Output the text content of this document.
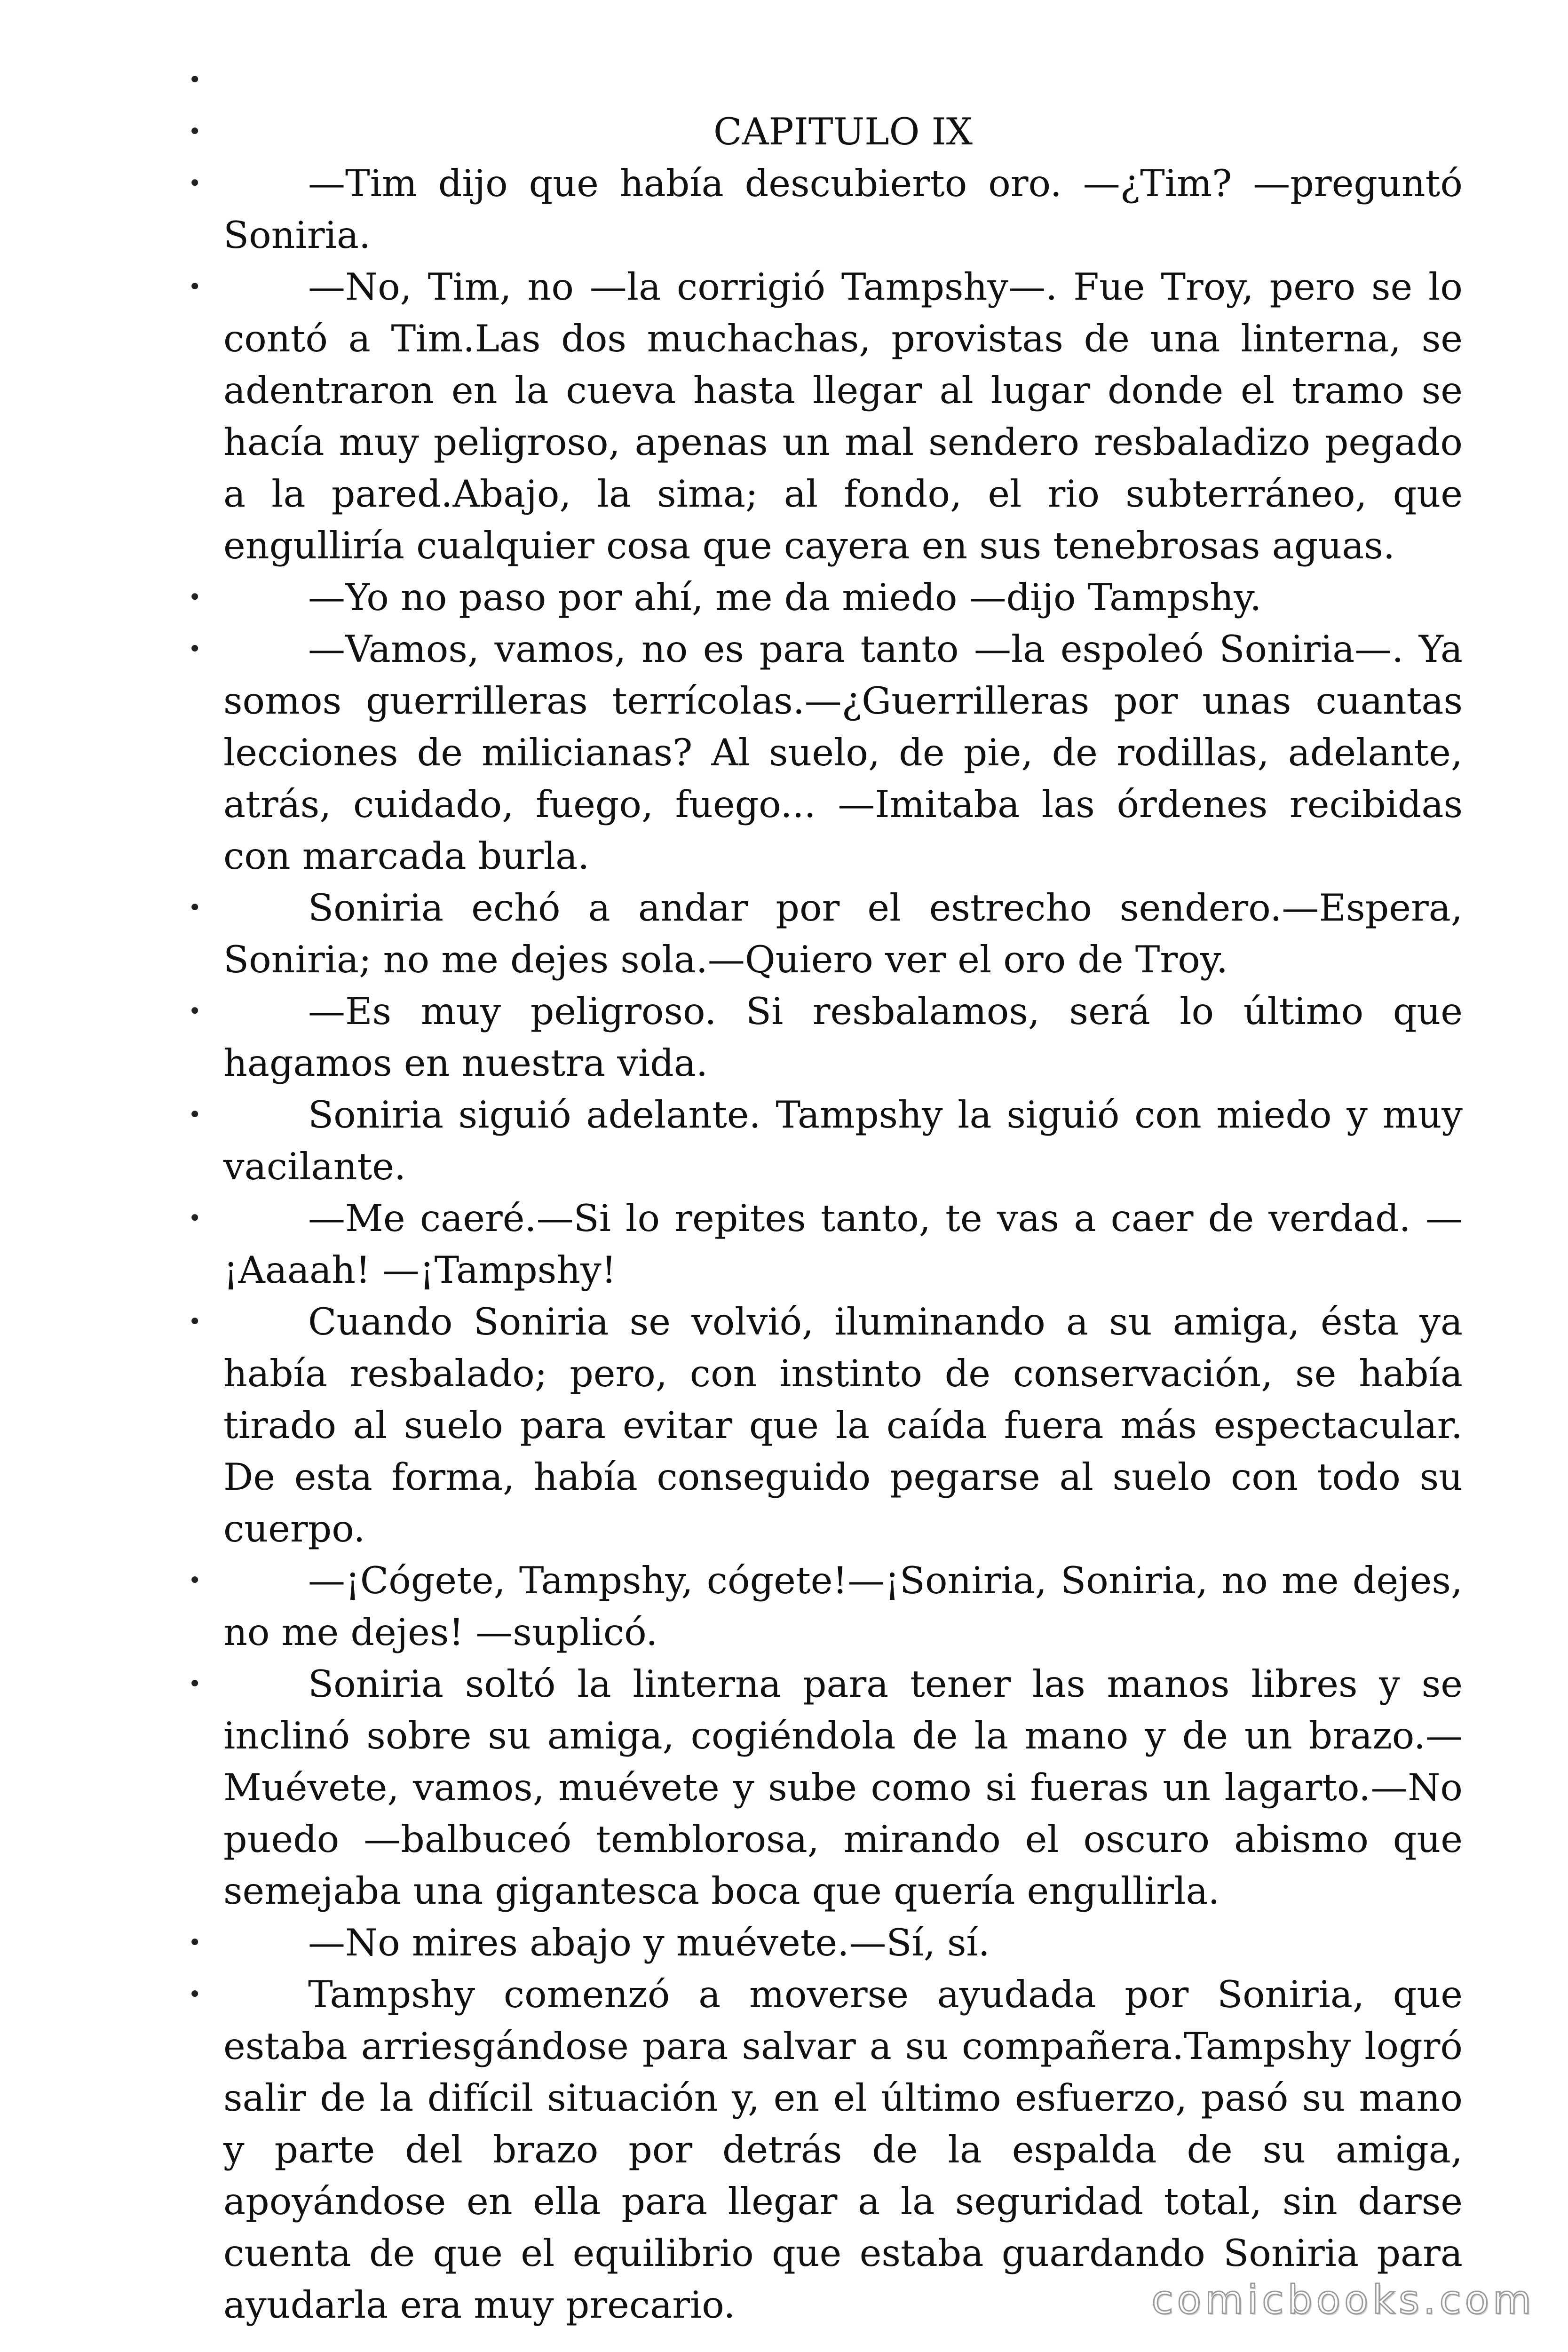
•
• CAPITULO IX
• —Tim dijo que había descubierto oro. —¿Tim? —preguntó Soniria.
• —No, Tim, no —la corrigió Tampshy—. Fue Troy, pero se lo contó a Tim.Las dos muchachas, provistas de una linterna, se adentraron en la cueva hasta llegar al lugar donde el tramo se hacía muy peligroso, apenas un mal sendero resbaladizo pegado a la pared.Abajo, la sima; al fondo, el rio subterráneo, que engulliría cualquier cosa que cayera en sus tenebrosas aguas.
• —Yo no paso por ahí, me da miedo —dijo Tampshy.
• —Vamos, vamos, no es para tanto —la espoleó Soniria—. Ya somos guerrilleras terrícolas.—¿Guerrilleras por unas cuantas lecciones de milicianas? Al suelo, de pie, de rodillas, adelante, atrás, cuidado, fuego, fuego... —Imitaba las órdenes recibidas con marcada burla.
• Soniria echó a andar por el estrecho sendero.—Espera, Soniria; no me dejes sola.—Quiero ver el oro de Troy.
• —Es muy peligroso. Si resbalamos, será lo último que hagamos en nuestra vida.
• Soniria siguió adelante. Tampshy la siguió con miedo y muy vacilante.
• —Me caeré.—Si lo repites tanto, te vas a caer de verdad. —¡Aaaah! —¡Tampshy!
• Cuando Soniria se volvió, iluminando a su amiga, ésta ya había resbalado; pero, con instinto de conservación, se había tirado al suelo para evitar que la caída fuera más espectacular. De esta forma, había conseguido pegarse al suelo con todo su cuerpo.
• —¡Cógete, Tampshy, cógete!—¡Soniria, Soniria, no me dejes, no me dejes! —suplicó.
• Soniria soltó la linterna para tener las manos libres y se inclinó sobre su amiga, cogiéndola de la mano y de un brazo.—Muévete, vamos, muévete y sube como si fueras un lagarto.—No puedo —balbuceó temblorosa, mirando el oscuro abismo que semejaba una gigantesca boca que quería engullirla.
• —No mires abajo y muévete.—Sí, sí.
• Tampshy comenzó a moverse ayudada por Soniria, que estaba arriesgándose para salvar a su compañera.Tampshy logró salir de la difícil situación y, en el último esfuerzo, pasó su mano y parte del brazo por detrás de la espalda de su amiga, apoyándose en ella para llegar a la seguridad total, sin darse cuenta de que el equilibrio que estaba guardando Soniria para ayudarla era muy precario.	comicbooks.com
